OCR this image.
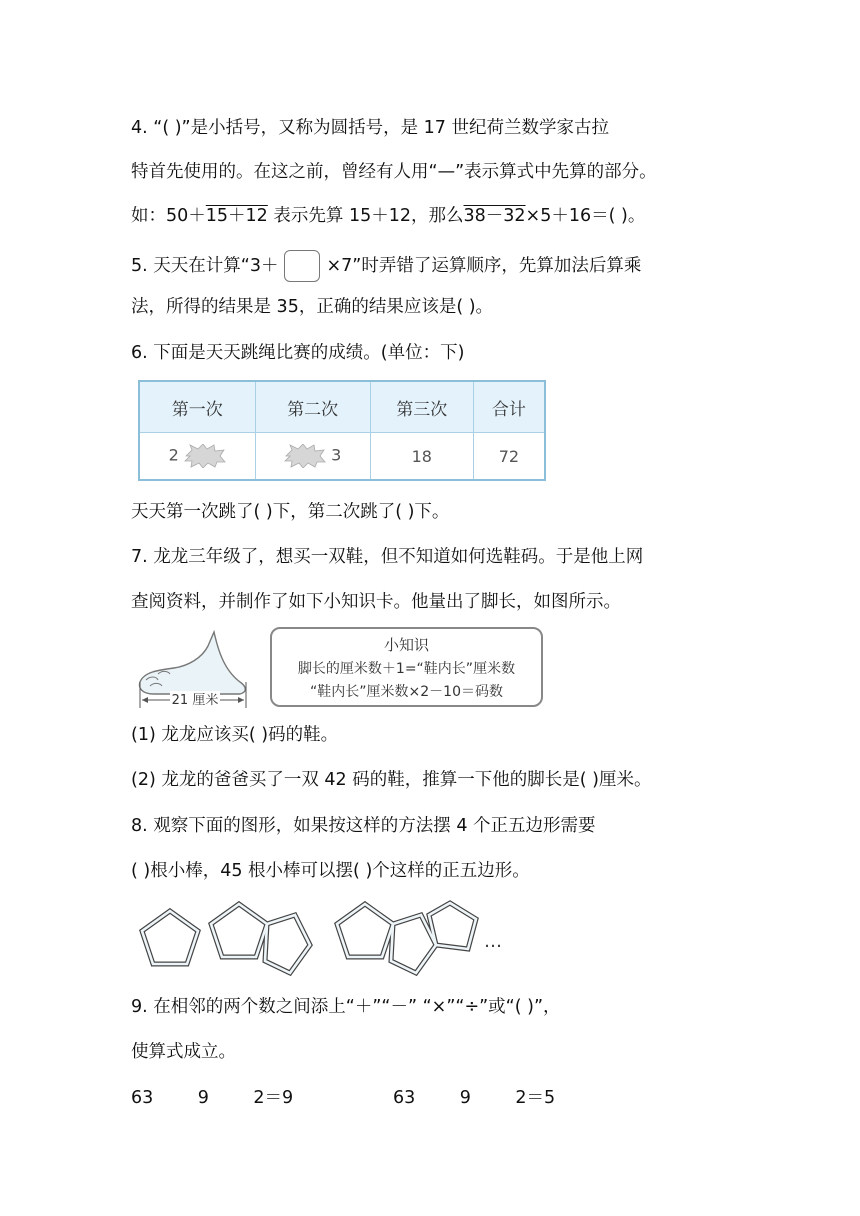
4. “( )”是小括号，又称为圆括号，是 17 世纪荷兰数学家古拉
特首先使用的。在这之前，曾经有人用“—”表示算式中先算的部分。
如：50＋15＋12 表示先算 15＋12，那么38－32×5＋16＝( )。
5. 天天在计算“3＋	×7”时弄错了运算顺序，先算加法后算乘
法，所得的结果是 35，正确的结果应该是( )。
6. 下面是天天跳绳比赛的成绩。(单位：下)
第一次	第二次	第三次	合计
2	3	18	72
天天第一次跳了( )下，第二次跳了( )下。
7. 龙龙三年级了，想买一双鞋，但不知道如何选鞋码。于是他上网
查阅资料，并制作了如下小知识卡。他量出了脚长，如图所示。
21 厘米
小知识
脚长的厘米数＋1=“鞋内长”厘米数
“鞋内长”厘米数×2－10＝码数
(1) 龙龙应该买( )码的鞋。
(2) 龙龙的爸爸买了一双 42 码的鞋，推算一下他的脚长是( )厘米。
8. 观察下面的图形，如果按这样的方法摆 4 个正五边形需要
( )根小棒，45 根小棒可以摆( )个这样的正五边形。
…
9. 在相邻的两个数之间添上“＋”“－” “×”“÷”或“( )”，
使算式成立。
63        9        2＝9	63        9        2＝5
